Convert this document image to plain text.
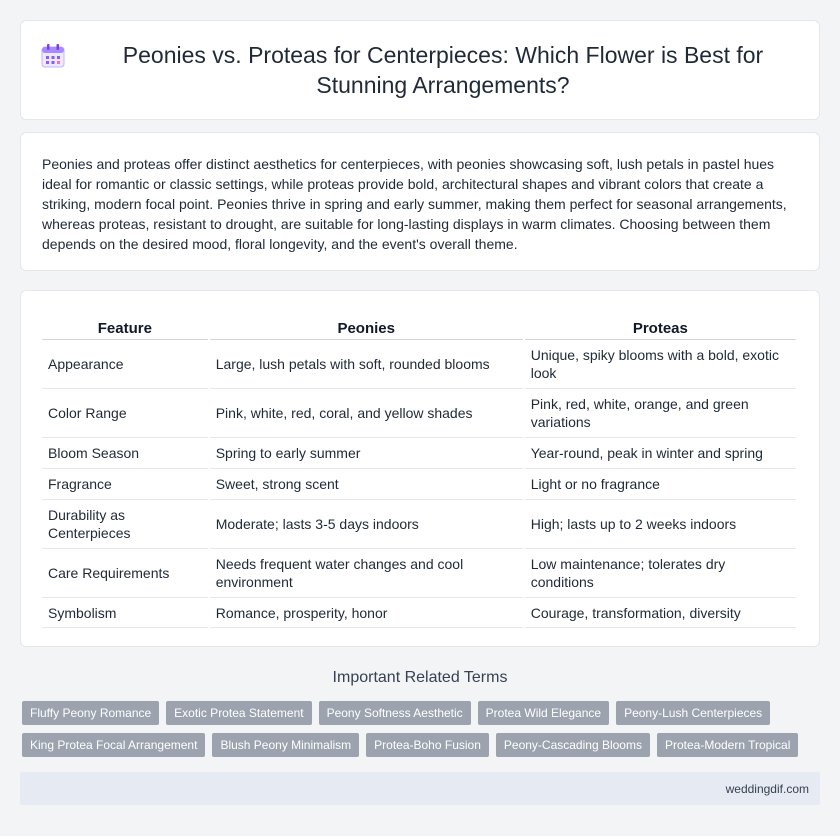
Peonies vs. Proteas for Centerpieces: Which Flower is Best for Stunning Arrangements?

Peonies and proteas offer distinct aesthetics for centerpieces, with peonies showcasing soft, lush petals in pastel hues ideal for romantic or classic settings, while proteas provide bold, architectural shapes and vibrant colors that create a striking, modern focal point. Peonies thrive in spring and early summer, making them perfect for seasonal arrangements, whereas proteas, resistant to drought, are suitable for long-lasting displays in warm climates. Choosing between them depends on the desired mood, floral longevity, and the event's overall theme.

Feature	Peonies	Proteas
Appearance	Large, lush petals with soft, rounded blooms	Unique, spiky blooms with a bold, exotic look
Color Range	Pink, white, red, coral, and yellow shades	Pink, red, white, orange, and green variations
Bloom Season	Spring to early summer	Year-round, peak in winter and spring
Fragrance	Sweet, strong scent	Light or no fragrance
Durability as Centerpieces	Moderate; lasts 3-5 days indoors	High; lasts up to 2 weeks indoors
Care Requirements	Needs frequent water changes and cool environment	Low maintenance; tolerates dry conditions
Symbolism	Romance, prosperity, honor	Courage, transformation, diversity
Important Related Terms
Fluffy Peony Romance	Exotic Protea Statement	Peony Softness Aesthetic	Protea Wild Elegance	Peony-Lush Centerpieces
King Protea Focal Arrangement	Blush Peony Minimalism	Protea-Boho Fusion	Peony-Cascading Blooms	Protea-Modern Tropical
weddingdif.com
